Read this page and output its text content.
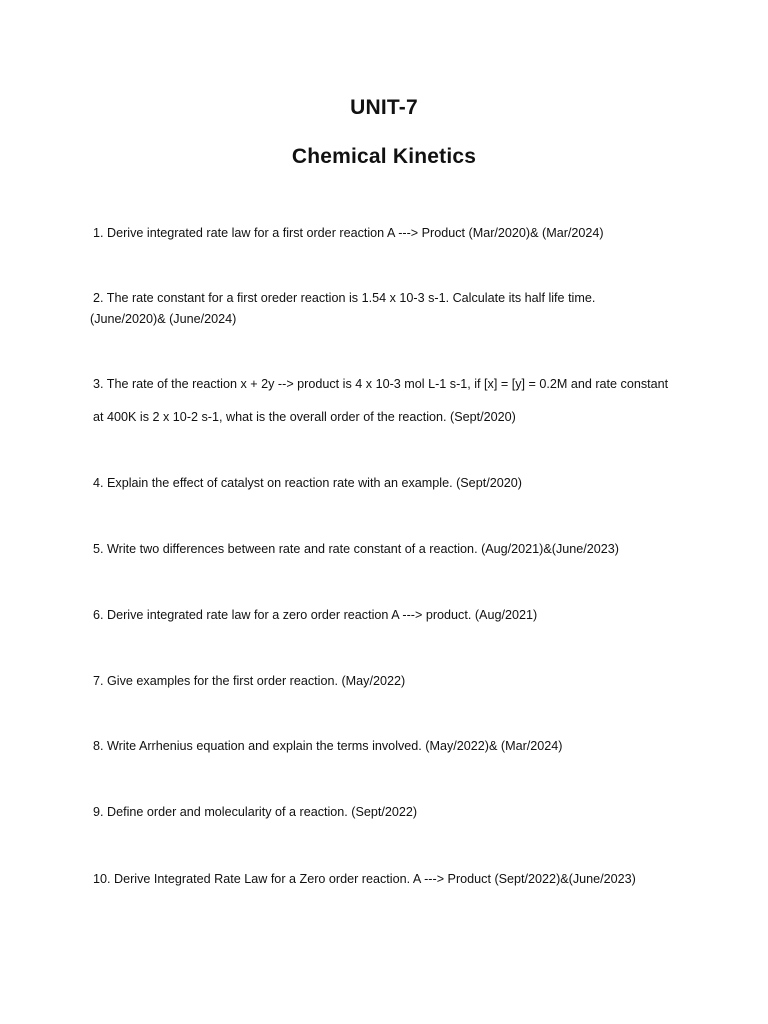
UNIT-7
Chemical Kinetics
1. Derive integrated rate law for a first order reaction A ---> Product (Mar/2020)& (Mar/2024)
2. The rate constant for a first oreder reaction is 1.54 x 10-3 s-1. Calculate its half life time.
(June/2020)& (June/2024)
3. The rate of the reaction x + 2y --> product is 4 x 10-3 mol L-1 s-1, if [x] = [y] = 0.2M and rate constant
at 400K is 2 x 10-2 s-1, what is the overall order of the reaction. (Sept/2020)
4. Explain the effect of catalyst on reaction rate with an example. (Sept/2020)
5. Write two differences between rate and rate constant of a reaction. (Aug/2021)&(June/2023)
6. Derive integrated rate law for a zero order reaction A ---> product. (Aug/2021)
7. Give examples for the first order reaction. (May/2022)
8. Write Arrhenius equation and explain the terms involved. (May/2022)& (Mar/2024)
9. Define order and molecularity of a reaction. (Sept/2022)
10. Derive Integrated Rate Law for a Zero order reaction. A ---> Product (Sept/2022)&(June/2023)
